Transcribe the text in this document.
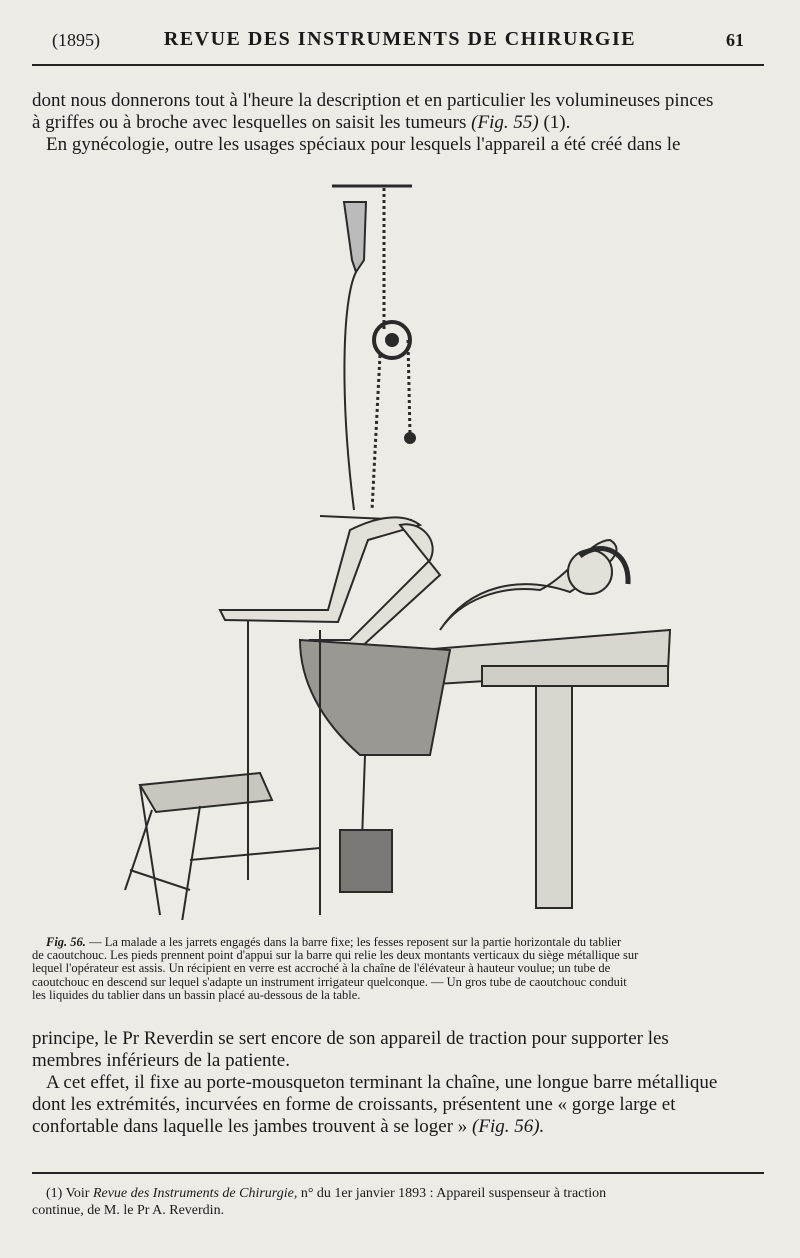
(1895)	REVUE DES INSTRUMENTS DE CHIRURGIE	61
dont nous donnerons tout à l'heure la description et en particulier les volumineuses pinces
à griffes ou à broche avec lesquelles on saisit les tumeurs (Fig. 55) (1).
En gynécologie, outre les usages spéciaux pour lesquels l'appareil a été créé dans le
Fig. 56. — La malade a les jarrets engagés dans la barre fixe; les fesses reposent sur la partie horizontale du tablier
de caoutchouc. Les pieds prennent point d'appui sur la barre qui relie les deux montants verticaux du siège métallique sur
lequel l'opérateur est assis. Un récipient en verre est accroché à la chaîne de l'élévateur à hauteur voulue; un tube de
caoutchouc en descend sur lequel s'adapte un instrument irrigateur quelconque. — Un gros tube de caoutchouc conduit
les liquides du tablier dans un bassin placé au-dessous de la table.
principe, le Pr Reverdin se sert encore de son appareil de traction pour supporter les
membres inférieurs de la patiente.
A cet effet, il fixe au porte-mousqueton terminant la chaîne, une longue barre métallique
dont les extrémités, incurvées en forme de croissants, présentent une « gorge large et
confortable dans laquelle les jambes trouvent à se loger » (Fig. 56).
(1) Voir Revue des Instruments de Chirurgie, n° du 1er janvier 1893 : Appareil suspenseur à traction
continue, de M. le Pr A. Reverdin.
